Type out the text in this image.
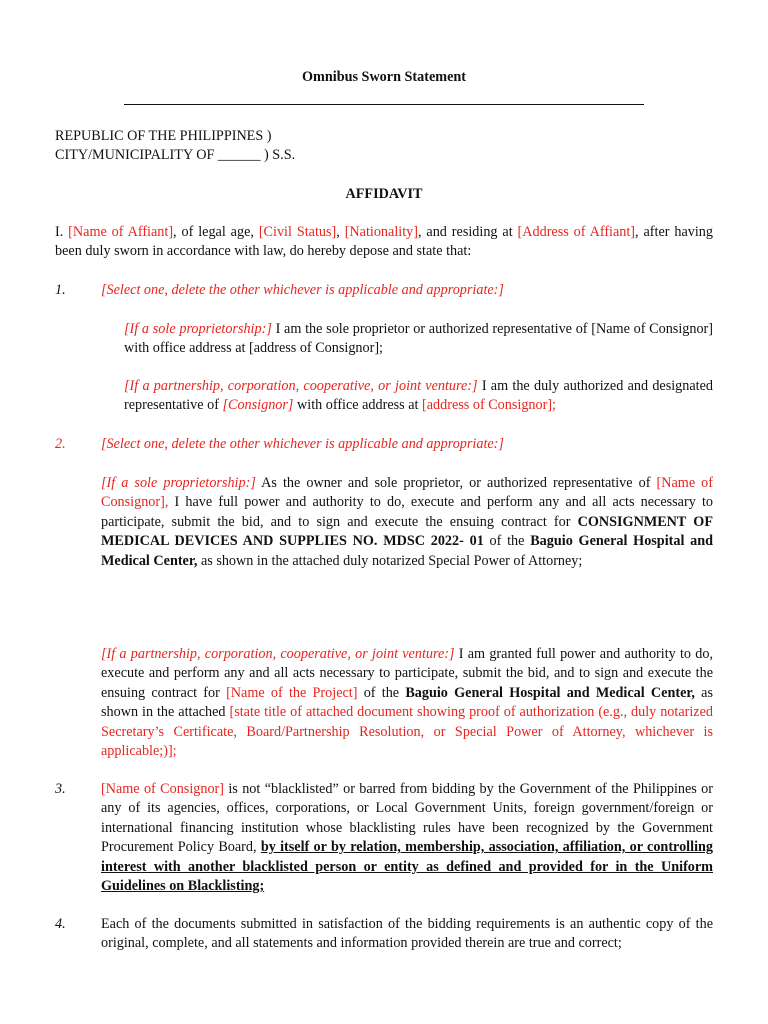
Omnibus Sworn Statement
REPUBLIC OF THE PHILIPPINES )
CITY/MUNICIPALITY OF ______ ) S.S.
AFFIDAVIT
I. [Name of Affiant], of legal age, [Civil Status], [Nationality], and residing at [Address of Affiant], after having been duly sworn in accordance with law, do hereby depose and state that:
1. [Select one, delete the other whichever is applicable and appropriate:]
[If a sole proprietorship:] I am the sole proprietor or authorized representative of [Name of Consignor] with office address at [address of Consignor];
[If a partnership, corporation, cooperative, or joint venture:] I am the duly authorized and designated representative of [Consignor] with office address at [address of Consignor];
2. [Select one, delete the other whichever is applicable and appropriate:]
[If a sole proprietorship:] As the owner and sole proprietor, or authorized representative of [Name of Consignor], I have full power and authority to do, execute and perform any and all acts necessary to participate, submit the bid, and to sign and execute the ensuing contract for CONSIGNMENT OF MEDICAL DEVICES AND SUPPLIES NO. MDSC 2022- 01 of the Baguio General Hospital and Medical Center, as shown in the attached duly notarized Special Power of Attorney;
[If a partnership, corporation, cooperative, or joint venture:] I am granted full power and authority to do, execute and perform any and all acts necessary to participate, submit the bid, and to sign and execute the ensuing contract for [Name of the Project] of the Baguio General Hospital and Medical Center, as shown in the attached [state title of attached document showing proof of authorization (e.g., duly notarized Secretary’s Certificate, Board/Partnership Resolution, or Special Power of Attorney, whichever is applicable;)];
3. [Name of Consignor] is not “blacklisted” or barred from bidding by the Government of the Philippines or any of its agencies, offices, corporations, or Local Government Units, foreign government/foreign or international financing institution whose blacklisting rules have been recognized by the Government Procurement Policy Board, by itself or by relation, membership, association, affiliation, or controlling interest with another blacklisted person or entity as defined and provided for in the Uniform Guidelines on Blacklisting;
4. Each of the documents submitted in satisfaction of the bidding requirements is an authentic copy of the original, complete, and all statements and information provided therein are true and correct;
